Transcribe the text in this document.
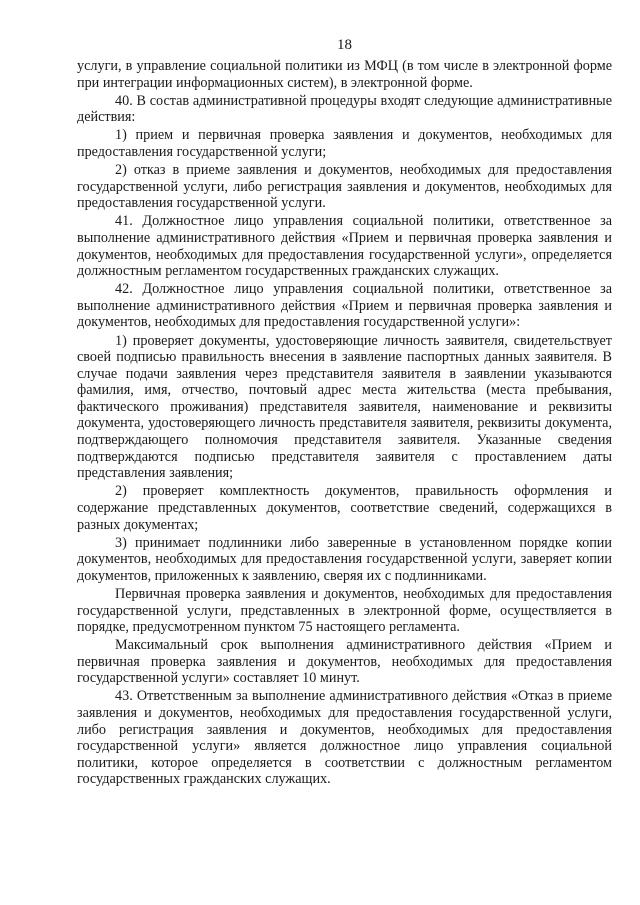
18
услуги, в управление социальной политики из МФЦ (в том числе в электронной форме при интеграции информационных систем), в электронной форме.
40. В состав административной процедуры входят следующие административные действия:
1) прием и первичная проверка заявления и документов, необходимых для предоставления государственной услуги;
2) отказ в приеме заявления и документов, необходимых для предоставления государственной услуги, либо регистрация заявления и документов, необходимых для предоставления государственной услуги.
41. Должностное лицо управления социальной политики, ответственное за выполнение административного действия «Прием и первичная проверка заявления и документов, необходимых для предоставления государственной услуги», определяется должностным регламентом государственных гражданских служащих.
42. Должностное лицо управления социальной политики, ответственное за выполнение административного действия «Прием и первичная проверка заявления и документов, необходимых для предоставления государственной услуги»:
1) проверяет документы, удостоверяющие личность заявителя, свидетельствует своей подписью правильность внесения в заявление паспортных данных заявителя. В случае подачи заявления через представителя заявителя в заявлении указываются фамилия, имя, отчество, почтовый адрес места жительства (места пребывания, фактического проживания) представителя заявителя, наименование и реквизиты документа, удостоверяющего личность представителя заявителя, реквизиты документа, подтверждающего полномочия представителя заявителя. Указанные сведения подтверждаются подписью представителя заявителя с проставлением даты представления заявления;
2) проверяет комплектность документов, правильность оформления и содержание представленных документов, соответствие сведений, содержащихся в разных документах;
3) принимает подлинники либо заверенные в установленном порядке копии документов, необходимых для предоставления государственной услуги, заверяет копии документов, приложенных к заявлению, сверяя их с подлинниками.
Первичная проверка заявления и документов, необходимых для предоставления государственной услуги, представленных в электронной форме, осуществляется в порядке, предусмотренном пунктом 75 настоящего регламента.
Максимальный срок выполнения административного действия «Прием и первичная проверка заявления и документов, необходимых для предоставления государственной услуги» составляет 10 минут.
43. Ответственным за выполнение административного действия «Отказ в приеме заявления и документов, необходимых для предоставления государственной услуги, либо регистрация заявления и документов, необходимых для предоставления государственной услуги» является должностное лицо управления социальной политики, которое определяется в соответствии с должностным регламентом государственных гражданских служащих.
